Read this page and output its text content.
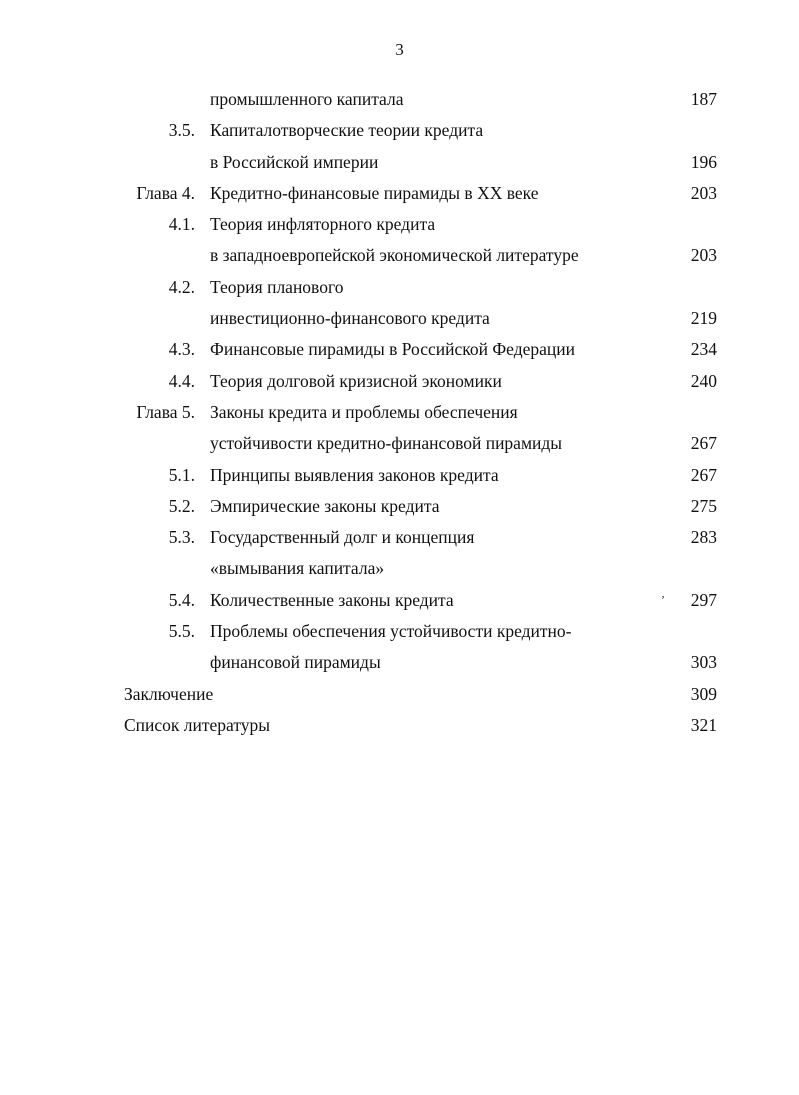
3
промышленного капитала	187
3.5. Капиталотворческие теории кредита
в Российской империи	196
Глава 4. Кредитно-финансовые пирамиды в XX веке	203
4.1. Теория инфляторного кредита
в западноевропейской экономической литературе	203
4.2. Теория планового
инвестиционно-финансового кредита	219
4.3. Финансовые пирамиды в Российской Федерации	234
4.4. Теория долговой кризисной экономики	240
Глава 5. Законы кредита и проблемы обеспечения
устойчивости кредитно-финансовой пирамиды	267
5.1. Принципы выявления законов кредита	267
5.2. Эмпирические законы кредита	275
5.3. Государственный долг и концепция	283
«вымывания капитала»
5.4. Количественные законы кредита	297
5.5. Проблемы обеспечения устойчивости кредитно-
финансовой пирамиды	303
Заключение	309
Список литературы	321
ʼ
